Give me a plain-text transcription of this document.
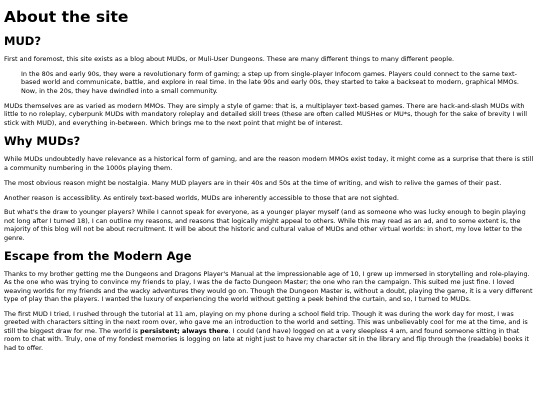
About the site
MUD?

First and foremost, this site exists as a blog about MUDs, or Muli-User Dungeons. These are many different things to many different people.

In the 80s and early 90s, they were a revolutionary form of gaming; a step up from single-player Infocom games. Players could connect to the same text-based world and communicate, battle, and explore in real time. In the late 90s and early 00s, they started to take a backseat to modern, graphical MMOs. Now, in the 20s, they have dwindled into a small community.

MUDs themselves are as varied as modern MMOs. They are simply a style of game: that is, a multiplayer text-based games. There are hack-and-slash MUDs with little to no roleplay, cyberpunk MUDs with mandatory roleplay and detailed skill trees (these are often called MUSHes or MU*s, though for the sake of brevity I will stick with MUD), and everything in-between. Which brings me to the next point that might be of interest.

Why MUDs?

While MUDs undoubtedly have relevance as a historical form of gaming, and are the reason modern MMOs exist today, it might come as a surprise that there is still a community numbering in the 1000s playing them.

The most obvious reason might be nostalgia. Many MUD players are in their 40s and 50s at the time of writing, and wish to relive the games of their past.

Another reason is accessiblity. As entirely text-based worlds, MUDs are inherently accessible to those that are not sighted.

But what's the draw to younger players? While I cannot speak for everyone, as a younger player myself (and as someone who was lucky enough to begin playing not long after I turned 18), I can outline my reasons, and reasons that logically might appeal to others. While this may read as an ad, and to some extent is, the majority of this blog will not be about recruitment. It will be about the historic and cultural value of MUDs and other virtual worlds: in short, my love letter to the genre.

Escape from the Modern Age

Thanks to my brother getting me the Dungeons and Dragons Player's Manual at the impressionable age of 10, I grew up immersed in storytelling and role-playing. As the one who was trying to convince my friends to play, I was the de facto Dungeon Master; the one who ran the campaign. This suited me just fine. I loved weaving worlds for my friends and the wacky adventures they would go on. Though the Dungeon Master is, without a doubt, playing the game, it is a very different type of play than the players. I wanted the luxury of experiencing the world without getting a peek behind the curtain, and so, I turned to MUDs.

The first MUD I tried, I rushed through the tutorial at 11 am, playing on my phone during a school field trip. Though it was during the work day for most, I was greeted with characters sitting in the next room over, who gave me an introduction to the world and setting. This was unbelievably cool for me at the time, and is still the biggest draw for me. The world is persistent; always there. I could (and have) logged on at a very sleepless 4 am, and found someone sitting in that room to chat with. Truly, one of my fondest memories is logging on late at night just to have my character sit in the library and flip through the (readable) books it had to offer.
